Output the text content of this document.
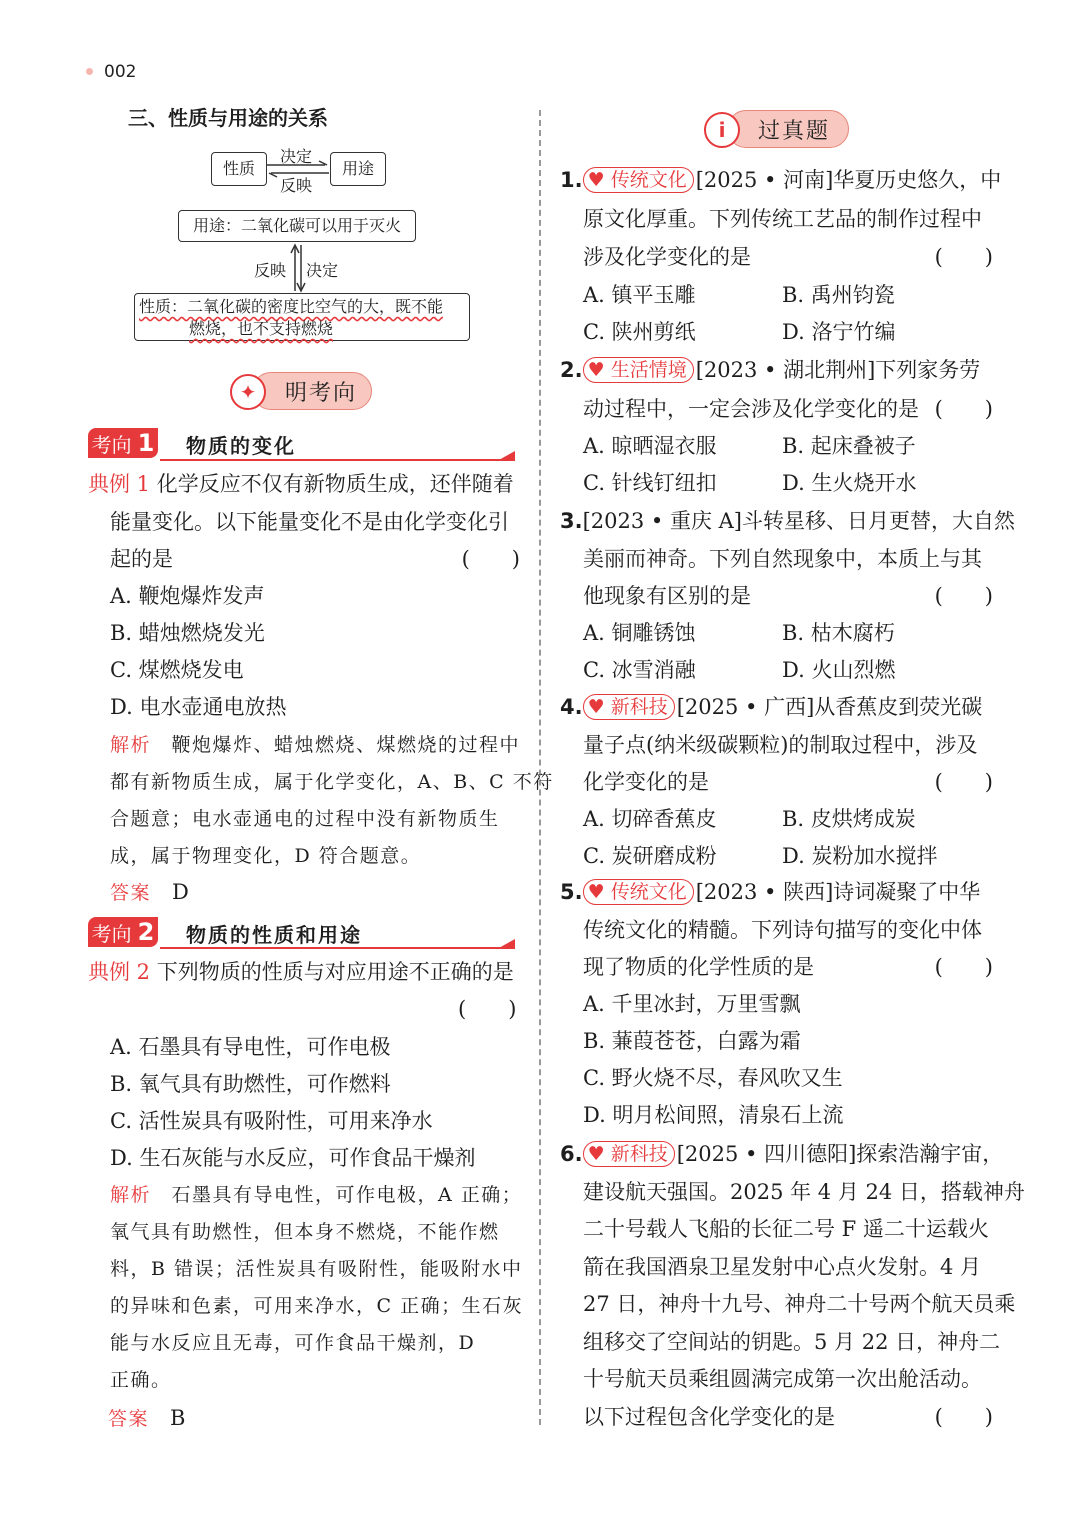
002
三、性质与用途的关系
性质	用途
决定
反映
用途：二氧化碳可以用于灭火
反映 决定
性质：二氧化碳的密度比空气的大，既不能
燃烧，也不支持燃烧
明考向
✦
考向 1 物质的变化
典例 1 化学反应不仅有新物质生成，还伴随着
能量变化。以下能量变化不是由化学变化引
起的是	(　　)
A. 鞭炮爆炸发声
B. 蜡烛燃烧发光
C. 煤燃烧发电
D. 电水壶通电放热
解析　 鞭炮爆炸、蜡烛燃烧、煤燃烧的过程中
都有新物质生成，属于化学变化，A、B、C 不符
合题意；电水壶通电的过程中没有新物质生
成，属于物理变化，D 符合题意。
答案　 D
考向 2 物质的性质和用途
典例 2 下列物质的性质与对应用途不正确的是
(　　)
A. 石墨具有导电性，可作电极
B. 氧气具有助燃性，可作燃料
C. 活性炭具有吸附性，可用来净水
D. 生石灰能与水反应，可作食品干燥剂
解析　 石墨具有导电性，可作电极，A 正确；
氧气具有助燃性，但本身不燃烧，不能作燃
料，B 错误；活性炭具有吸附性，能吸附水中
的异味和色素，可用来净水，C 正确；生石灰
能与水反应且无毒，可作食品干燥剂，D
正确。
答案　 B
过真题
i
1. ♥ 传统文化 [2025 • 河南]华夏历史悠久，中
原文化厚重。下列传统工艺品的制作过程中
涉及化学变化的是	(　　)
A. 镇平玉雕	B. 禹州钧瓷
C. 陕州剪纸	D. 洛宁竹编
2. ♥ 生活情境 [2023 • 湖北荆州]下列家务劳
动过程中，一定会涉及化学变化的是 (　　)
A. 晾晒湿衣服	B. 起床叠被子
C. 针线钉纽扣	D. 生火烧开水
3.[2023 • 重庆 A]斗转星移、日月更替，大自然
美丽而神奇。下列自然现象中，本质上与其
他现象有区别的是	(　　)
A. 铜雕锈蚀	B. 枯木腐朽
C. 冰雪消融	D. 火山烈燃
4. ♥ 新科技 [2025 • 广西]从香蕉皮到荧光碳
量子点(纳米级碳颗粒)的制取过程中，涉及
化学变化的是	(　　)
A. 切碎香蕉皮	B. 皮烘烤成炭
C. 炭研磨成粉	D. 炭粉加水搅拌
5. ♥ 传统文化 [2023 • 陕西]诗词凝聚了中华
传统文化的精髓。下列诗句描写的变化中体
现了物质的化学性质的是	(　　)
A. 千里冰封，万里雪飘
B. 蒹葭苍苍，白露为霜
C. 野火烧不尽，春风吹又生
D. 明月松间照，清泉石上流
6. ♥ 新科技 [2025 • 四川德阳]探索浩瀚宇宙，
建设航天强国。2025 年 4 月 24 日，搭载神舟
二十号载人飞船的长征二号 F 遥二十运载火
箭在我国酒泉卫星发射中心点火发射。4 月
27 日，神舟十九号、神舟二十号两个航天员乘
组移交了空间站的钥匙。5 月 22 日，神舟二
十号航天员乘组圆满完成第一次出舱活动。
以下过程包含化学变化的是	(　　)
